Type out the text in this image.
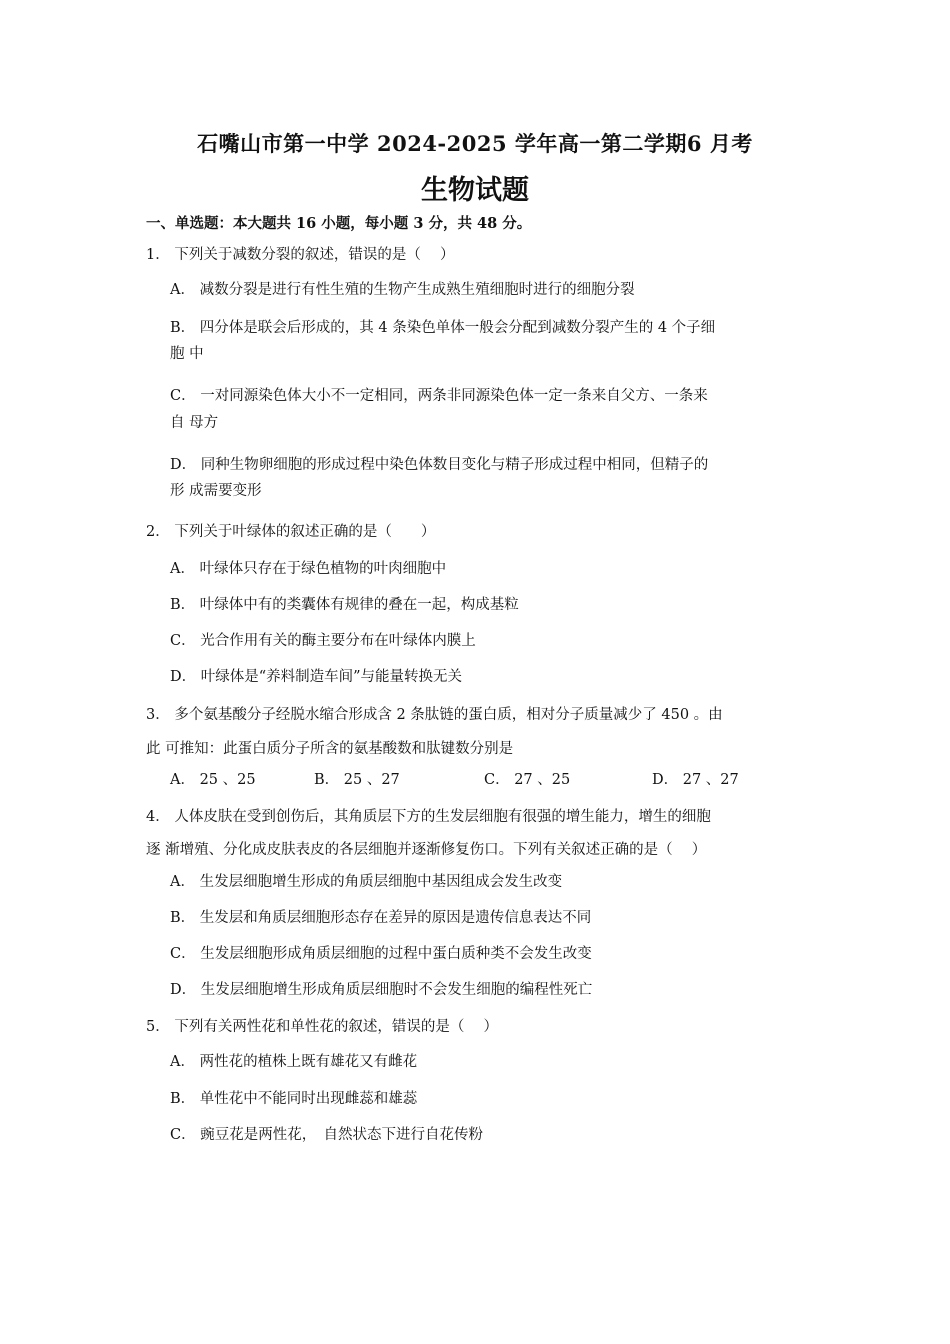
石嘴山市第一中学 2024-2025 学年高一第二学期6 月考
生物试题
一、单选题：本大题共 16 小题，每小题 3 分，共 48 分。
1． 下列关于减数分裂的叙述，错误的是（　 ）
A． 减数分裂是进行有性生殖的生物产生成熟生殖细胞时进行的细胞分裂
B． 四分体是联会后形成的，其 4 条染色单体一般会分配到减数分裂产生的 4 个子细
胞 中
C． 一对同源染色体大小不一定相同，两条非同源染色体一定一条来自父方、一条来
自 母方
D． 同种生物卵细胞的形成过程中染色体数目变化与精子形成过程中相同，但精子的
形 成需要变形
2． 下列关于叶绿体的叙述正确的是（　　）
A． 叶绿体只存在于绿色植物的叶肉细胞中
B． 叶绿体中有的类囊体有规律的叠在一起，构成基粒
C． 光合作用有关的酶主要分布在叶绿体内膜上
D． 叶绿体是“养料制造车间”与能量转换无关
3． 多个氨基酸分子经脱水缩合形成含 2 条肽链的蛋白质，相对分子质量减少了 450 。由
此 可推知：此蛋白质分子所含的氨基酸数和肽键数分别是
A． 25 、25	B． 25 、27	C． 27 、25	D． 27 、27
4． 人体皮肤在受到创伤后，其角质层下方的生发层细胞有很强的增生能力，增生的细胞
逐 渐增殖、分化成皮肤表皮的各层细胞并逐渐修复伤口。下列有关叙述正确的是（　 ）
A． 生发层细胞增生形成的角质层细胞中基因组成会发生改变
B． 生发层和角质层细胞形态存在差异的原因是遗传信息表达不同
C． 生发层细胞形成角质层细胞的过程中蛋白质种类不会发生改变
D． 生发层细胞增生形成角质层细胞时不会发生细胞的编程性死亡
5． 下列有关两性花和单性花的叙述，错误的是（　 ）
A． 两性花的植株上既有雄花又有雌花
B． 单性花中不能同时出现雌蕊和雄蕊
C． 豌豆花是两性花，　自然状态下进行自花传粉
